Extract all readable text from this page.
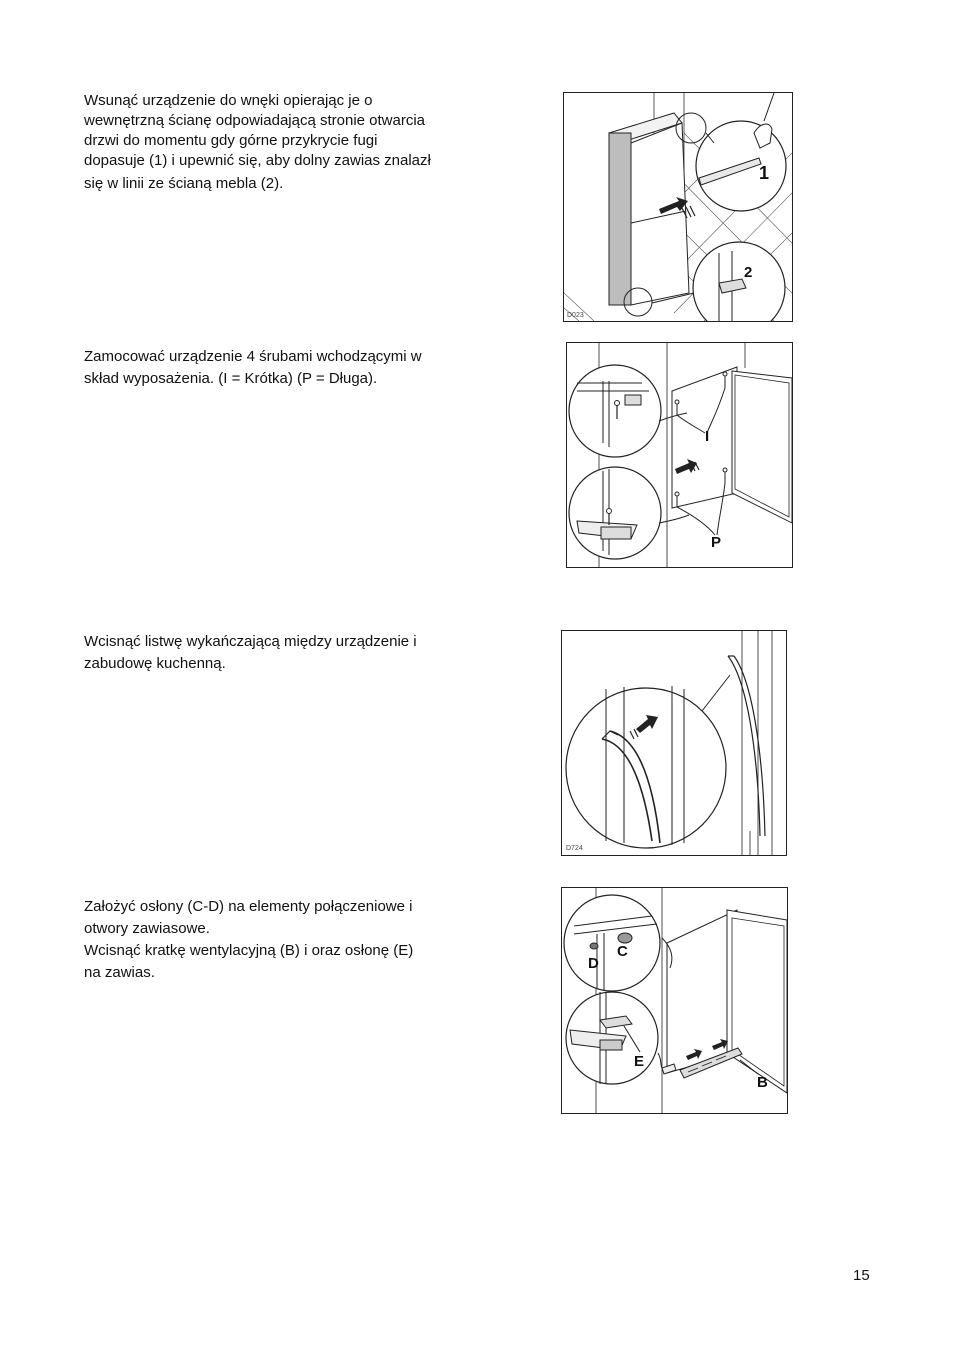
Wsunąć urządzenie do wnęki opierając je o
wewnętrzną ścianę odpowiadającą stronie otwarcia
drzwi do momentu gdy górne przykrycie fugi
dopasuje (1) i upewnić się, aby dolny zawias znalazł
się w linii ze ścianą mebla (2).

1
2
D023

Zamocować urządzenie 4 śrubami wchodzącymi w
skład wyposażenia. (I = Krótka) (P = Długa).

I
P

Wcisnąć listwę wykańczającą między urządzenie i
zabudowę kuchenną.

D724

Założyć osłony (C-D) na elementy połączeniowe i
otwory zawiasowe.
Wcisnąć kratkę wentylacyjną (B) i oraz osłonę (E)
na zawias.

C
D
E
B
15
